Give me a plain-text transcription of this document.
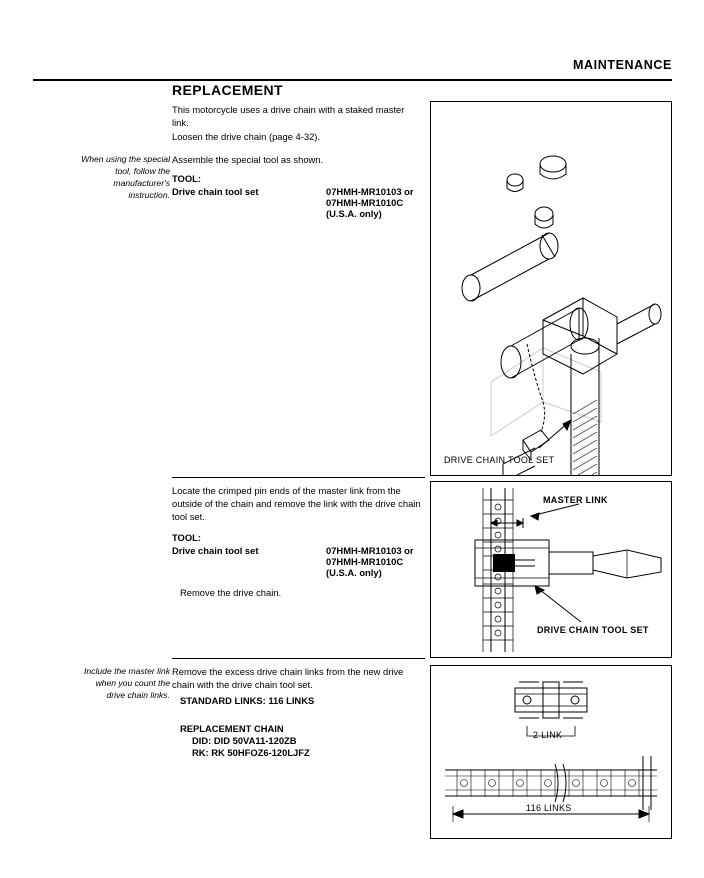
MAINTENANCE
REPLACEMENT
This motorcycle uses a drive chain with a staked master link.
Loosen the drive chain (page 4-32).
When using the special tool, follow the manufacturer's instruction.
Assemble the special tool as shown.
TOOL:
Drive chain tool set	07HMH-MR10103 or
07HMH-MR1010C
(U.S.A. only)
DRIVE CHAIN TOOL SET
Locate the crimped pin ends of the master link from the outside of the chain and remove the link with the drive chain tool set.
TOOL:
Drive chain tool set	07HMH-MR10103 or
07HMH-MR1010C
(U.S.A. only)
Remove the drive chain.
MASTER LINK
DRIVE CHAIN TOOL SET
Include the master link when you count the drive chain links.
Remove the excess drive chain links from the new drive chain with the drive chain tool set.
STANDARD LINKS: 116 LINKS
REPLACEMENT CHAIN
DID: DID 50VA11-120ZB
RK: RK 50HFOZ6-120LJFZ
2 LINK
116 LINKS
